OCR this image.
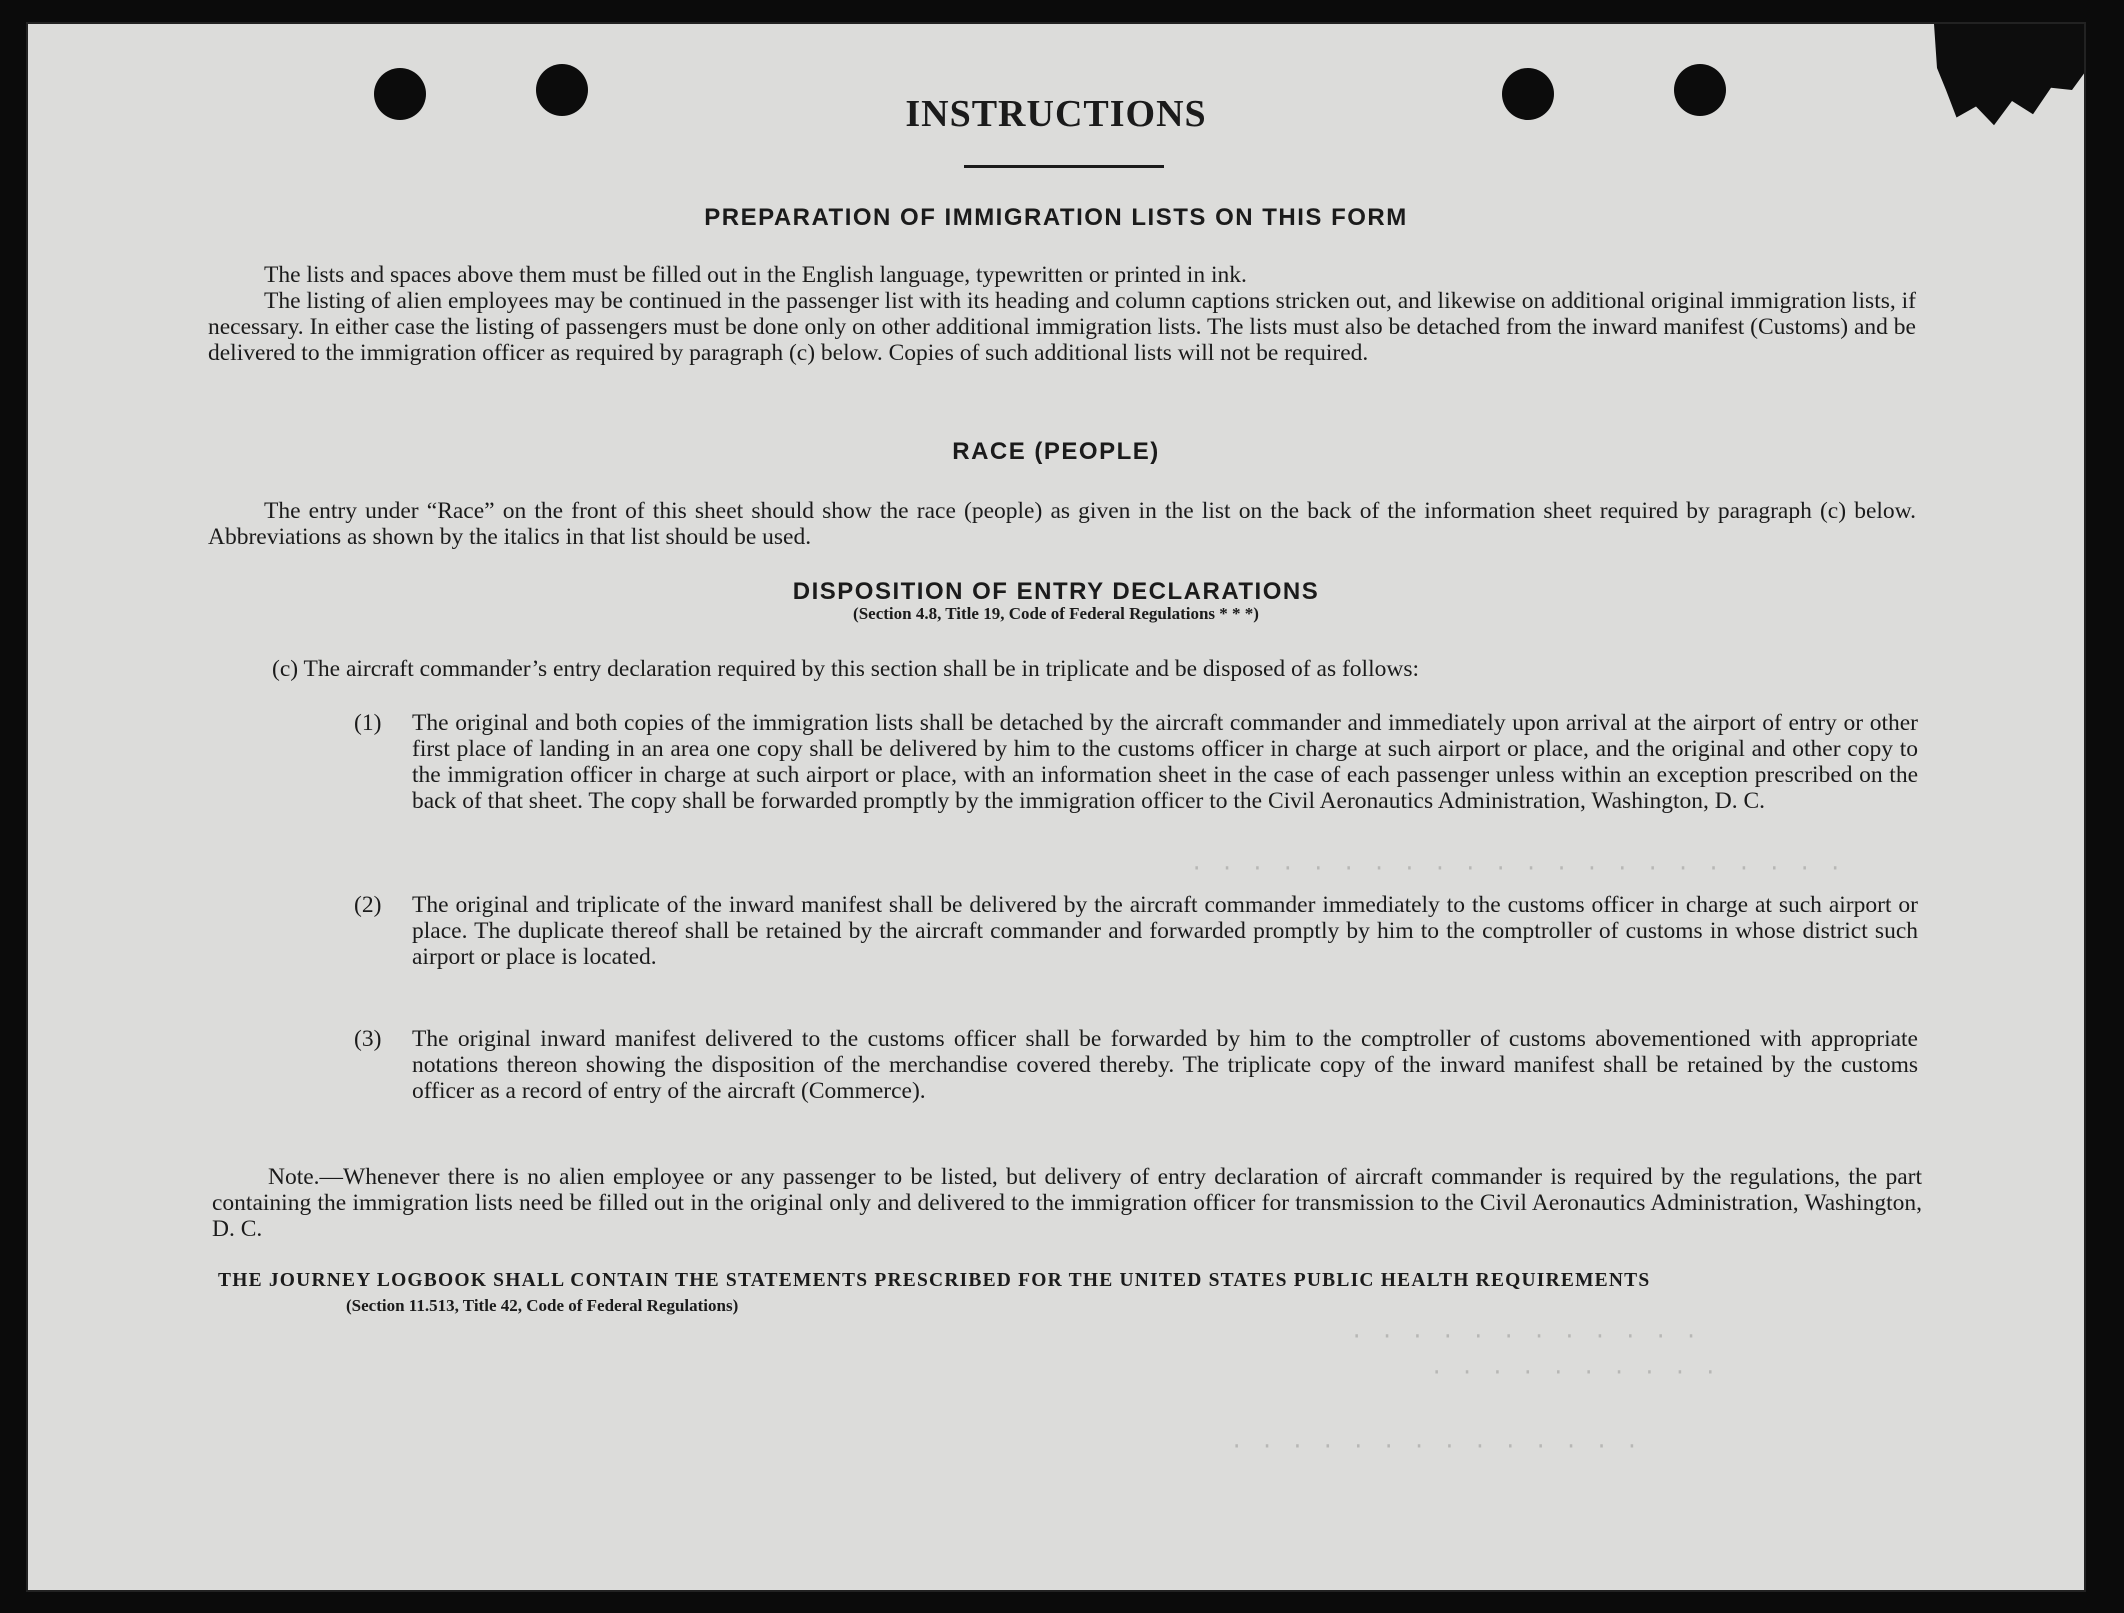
· · · · · · · · · · · · · · · · · · · · · ·
· · · · · · · · · · · ·
· · · · · · · · · ·
· · · · · · · · · · · · · ·
INSTRUCTIONS
PREPARATION OF IMMIGRATION LISTS ON THIS FORM

The lists and spaces above them must be filled out in the English language, typewritten or printed in ink.

The listing of alien employees may be continued in the passenger list with its heading and column captions stricken out, and likewise on additional original immigration lists, if necessary. In either case the listing of passengers must be done only on other additional immigration lists. The lists must also be detached from the inward manifest (Customs) and be delivered to the immigration officer as required by paragraph (c) below. Copies of such additional lists will not be required.

RACE (PEOPLE)

The entry under “Race” on the front of this sheet should show the race (people) as given in the list on the back of the information sheet required by paragraph (c) below. Abbreviations as shown by the italics in that list should be used.

DISPOSITION OF ENTRY DECLARATIONS
(Section 4.8, Title 19, Code of Federal Regulations * * *)
(c) The aircraft commander’s entry declaration required by this section shall be in triplicate and be disposed of as follows:
(1) The original and both copies of the immigration lists shall be detached by the aircraft commander and immediately upon arrival at the airport of entry or other first place of landing in an area one copy shall be delivered by him to the customs officer in charge at such airport or place, and the original and other copy to the immigration officer in charge at such airport or place, with an information sheet in the case of each passenger unless within an exception prescribed on the back of that sheet. The copy shall be forwarded promptly by the immigration officer to the Civil Aeronautics Administration, Washington, D. C.
(2) The original and triplicate of the inward manifest shall be delivered by the aircraft commander immediately to the customs officer in charge at such airport or place. The duplicate thereof shall be retained by the aircraft commander and forwarded promptly by him to the comptroller of customs in whose district such airport or place is located.
(3) The original inward manifest delivered to the customs officer shall be forwarded by him to the comptroller of customs abovementioned with appropriate notations thereon showing the disposition of the merchandise covered thereby. The triplicate copy of the inward manifest shall be retained by the customs officer as a record of entry of the aircraft (Commerce).

Note.—Whenever there is no alien employee or any passenger to be listed, but delivery of entry declaration of aircraft commander is required by the regulations, the part containing the immigration lists need be filled out in the original only and delivered to the immigration officer for transmission to the Civil Aeronautics Administration, Washington, D. C.

THE JOURNEY LOGBOOK SHALL CONTAIN THE STATEMENTS PRESCRIBED FOR THE UNITED STATES PUBLIC HEALTH REQUIREMENTS
(Section 11.513, Title 42, Code of Federal Regulations)
